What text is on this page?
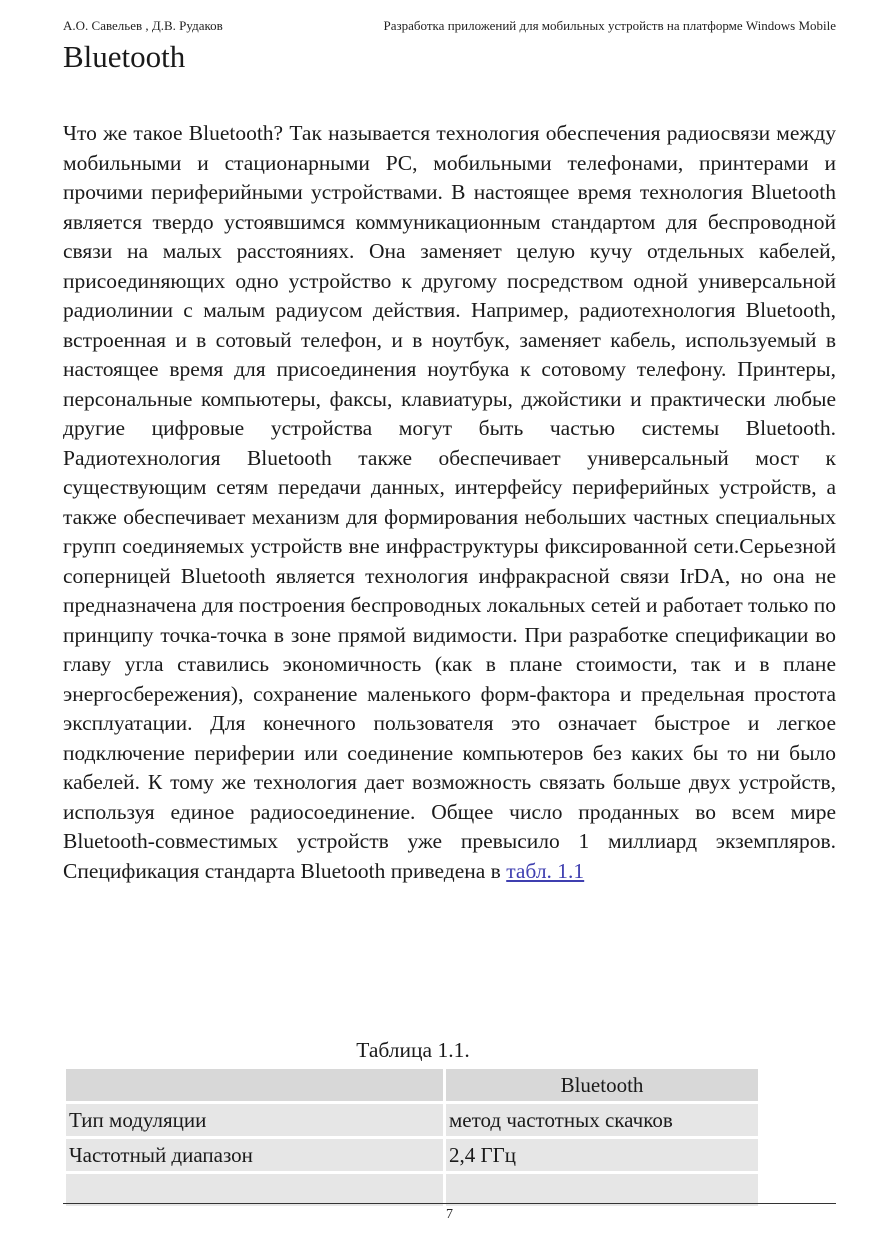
А.О. Савельев , Д.В. Рудаков	Разработка приложений для мобильных устройств на платформе Windows Mobile
Bluetooth

Что же такое Bluetooth? Так называется технология обеспечения радиосвязи между мобильными и стационарными PC, мобильными телефонами, принтерами и прочими периферийными устройствами. В настоящее время технология Bluetooth является твердо устоявшимся коммуникационным стандартом для беспроводной связи на малых расстояниях. Она заменяет целую кучу отдельных кабелей, присоединяющих одно устройство к другому посредством одной универсальной радиолинии с малым радиусом действия. Например, радиотехнология Bluetooth, встроенная и в сотовый телефон, и в ноутбук, заменяет кабель, используемый в настоящее время для присоединения ноутбука к сотовому телефону. Принтеры, персональные компьютеры, факсы, клавиатуры, джойстики и практически любые другие цифровые устройства могут быть частью системы Bluetooth. Радиотехнология Bluetooth также обеспечивает универсальный мост к существующим сетям передачи данных, интерфейсу периферийных устройств, а также обеспечивает механизм для формирования небольших частных специальных групп соединяемых устройств вне инфраструктуры фиксированной сети.Серьезной соперницей Bluetooth является технология инфракрасной связи IrDA, но она не предназначена для построения беспроводных локальных сетей и работает только по принципу точка-точка в зоне прямой видимости. При разработке спецификации во главу угла ставились экономичность (как в плане стоимости, так и в плане энергосбережения), сохранение маленького форм-фактора и предельная простота эксплуатации. Для конечного пользователя это означает быстрое и легкое подключение периферии или соединение компьютеров без каких бы то ни было кабелей. К тому же технология дает возможность связать больше двух устройств, используя единое радиосоединение. Общее число проданных во всем мире Bluetooth-совместимых устройств уже превысило 1 миллиард экземпляров. Спецификация стандарта Bluetooth приведена в табл. 1.1

Таблица 1.1.
	Bluetooth
Тип модуляции	метод частотных скачков
Частотный диапазон	2,4 ГГц

7
